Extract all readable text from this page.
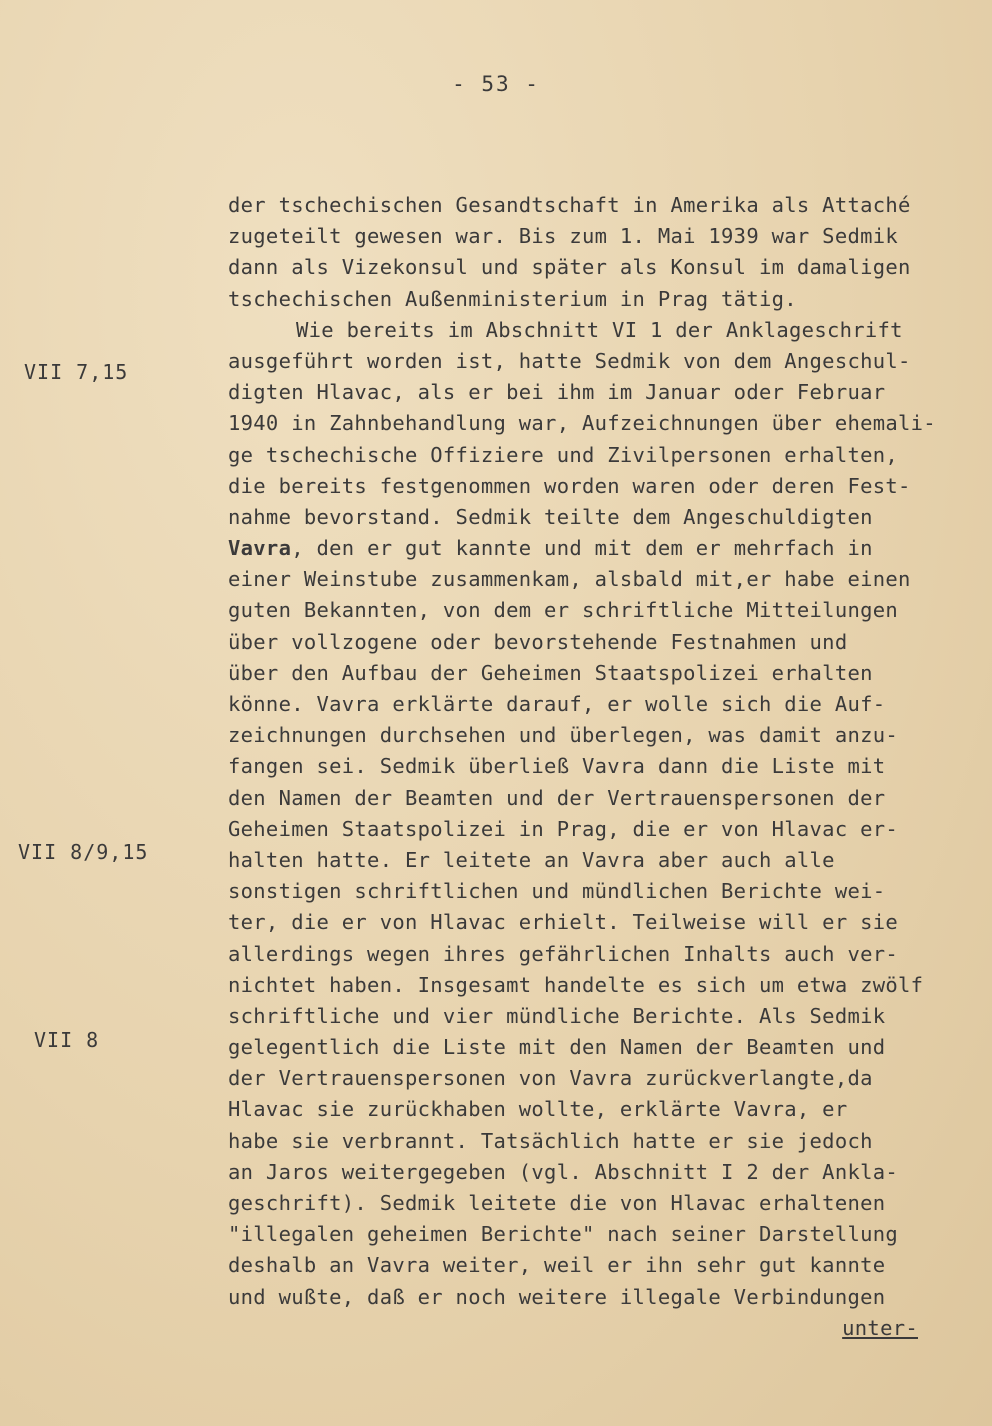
- 53 -
VII 7,15
VII 8/9,15
VII 8
der tschechischen Gesandtschaft in Amerika als Attaché
zugeteilt gewesen war. Bis zum 1. Mai 1939 war Sedmik
dann als Vizekonsul und später als Konsul im damaligen
tschechischen Außenministerium in Prag tätig.
Wie bereits im Abschnitt VI 1 der Anklageschrift
ausgeführt worden ist, hatte Sedmik von dem Angeschul-
digten Hlavac, als er bei ihm im Januar oder Februar
1940 in Zahnbehandlung war, Aufzeichnungen über ehemali-
ge tschechische Offiziere und Zivilpersonen erhalten,
die bereits festgenommen worden waren oder deren Fest-
nahme bevorstand. Sedmik teilte dem Angeschuldigten
Vavra, den er gut kannte und mit dem er mehrfach in
einer Weinstube zusammenkam, alsbald mit,er habe einen
guten Bekannten, von dem er schriftliche Mitteilungen
über vollzogene oder bevorstehende Festnahmen und
über den Aufbau der Geheimen Staatspolizei erhalten
könne. Vavra erklärte darauf, er wolle sich die Auf-
zeichnungen durchsehen und überlegen, was damit anzu-
fangen sei. Sedmik überließ Vavra dann die Liste mit
den Namen der Beamten und der Vertrauenspersonen der
Geheimen Staatspolizei in Prag, die er von Hlavac er-
halten hatte. Er leitete an Vavra aber auch alle
sonstigen schriftlichen und mündlichen Berichte wei-
ter, die er von Hlavac erhielt. Teilweise will er sie
allerdings wegen ihres gefährlichen Inhalts auch ver-
nichtet haben. Insgesamt handelte es sich um etwa zwölf
schriftliche und vier mündliche Berichte. Als Sedmik
gelegentlich die Liste mit den Namen der Beamten und
der Vertrauenspersonen von Vavra zurückverlangte,da
Hlavac sie zurückhaben wollte, erklärte Vavra, er
habe sie verbrannt. Tatsächlich hatte er sie jedoch
an Jaros weitergegeben (vgl. Abschnitt I 2 der Ankla-
geschrift). Sedmik leitete die von Hlavac erhaltenen
"illegalen geheimen Berichte" nach seiner Darstellung
deshalb an Vavra weiter, weil er ihn sehr gut kannte
und wußte, daß er noch weitere illegale Verbindungen
unter-
